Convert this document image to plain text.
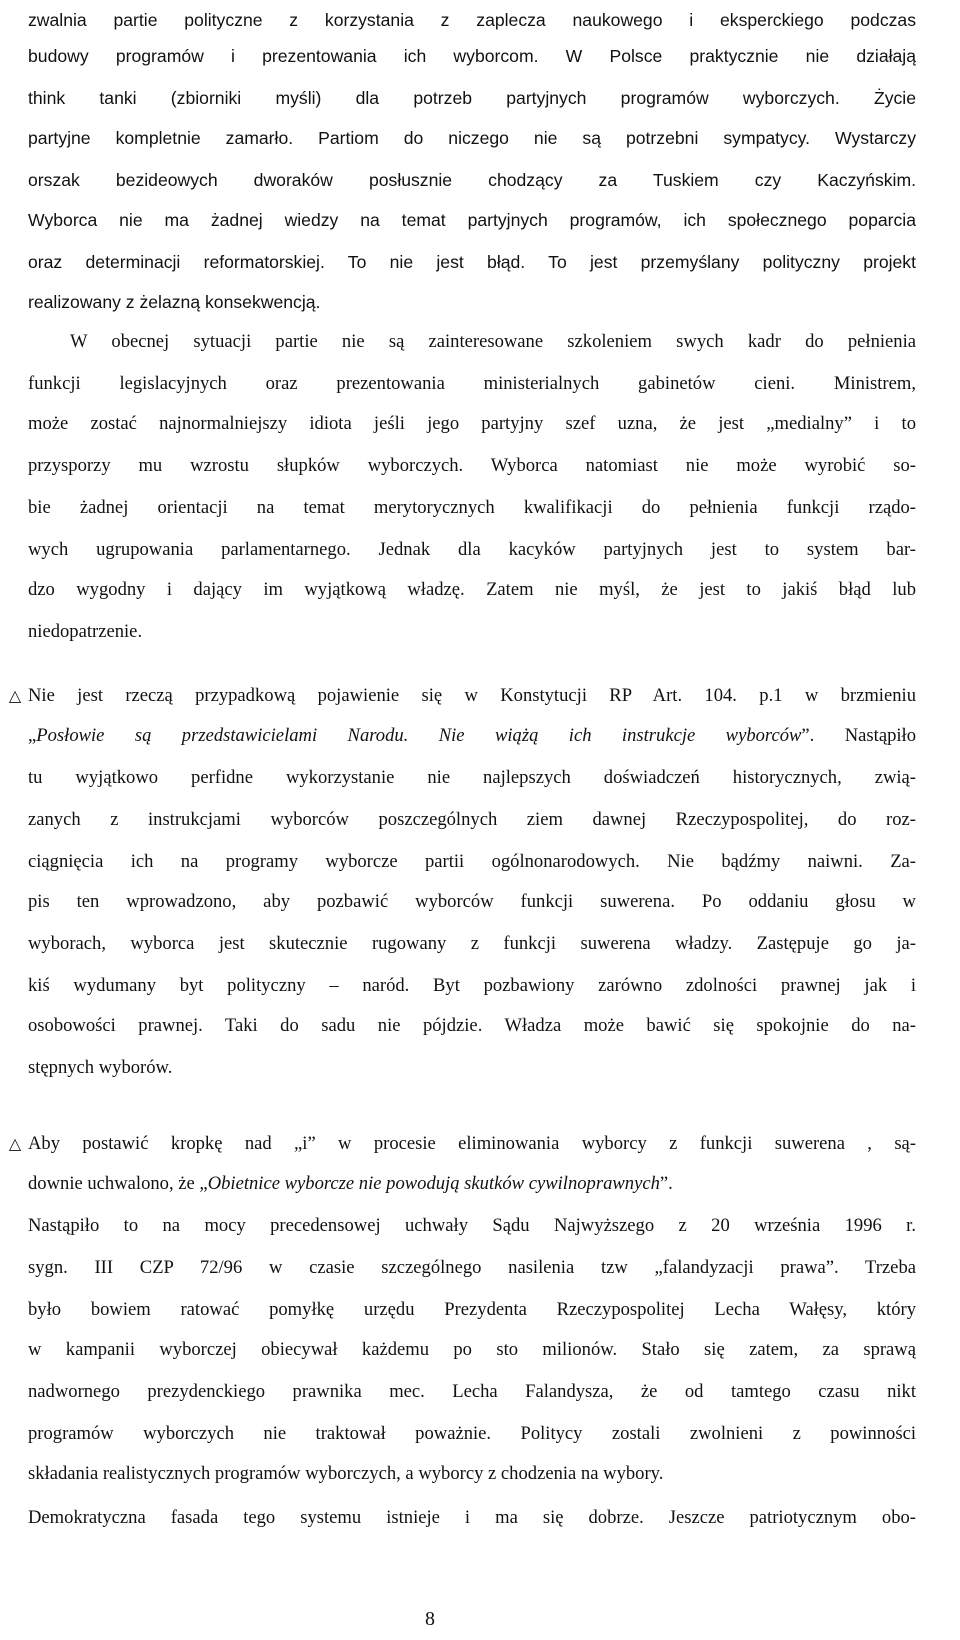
zwalnia partie polityczne z korzystania z zaplecza naukowego i eksperckiego podczas
budowy programów i prezentowania ich wyborcom. W Polsce praktycznie nie działają
think tanki (zbiorniki myśli) dla potrzeb partyjnych programów wyborczych. Życie
partyjne kompletnie zamarło. Partiom do niczego nie są potrzebni sympatycy. Wystarczy
orszak bezideowych dworaków posłusznie chodzący za Tuskiem czy Kaczyńskim.
Wyborca nie ma żadnej wiedzy na temat partyjnych programów, ich społecznego poparcia
oraz determinacji reformatorskiej. To nie jest błąd. To jest przemyślany polityczny projekt
realizowany z żelazną konsekwencją.
W obecnej sytuacji partie nie są zainteresowane szkoleniem swych kadr do pełnienia
funkcji legislacyjnych oraz prezentowania ministerialnych gabinetów cieni. Ministrem,
może zostać najnormalniejszy idiota jeśli jego partyjny szef uzna, że jest „medialny” i to
przysporzy mu wzrostu słupków wyborczych. Wyborca natomiast nie może wyrobić so-
bie żadnej orientacji na temat merytorycznych kwalifikacji do pełnienia funkcji rządo-
wych ugrupowania parlamentarnego. Jednak dla kacyków partyjnych jest to system bar-
dzo wygodny i dający im wyjątkową władzę. Zatem nie myśl, że jest to jakiś błąd lub
niedopatrzenie.
Nie jest rzeczą przypadkową pojawienie się w Konstytucji RP Art. 104. p.1 w brzmieniu
„Posłowie są przedstawicielami Narodu. Nie wiążą ich instrukcje wyborców”. Nastąpiło
tu wyjątkowo perfidne wykorzystanie nie najlepszych doświadczeń historycznych, zwią-
zanych z instrukcjami wyborców poszczególnych ziem dawnej Rzeczypospolitej, do roz-
ciągnięcia ich na programy wyborcze partii ogólnonarodowych. Nie bądźmy naiwni. Za-
pis ten wprowadzono, aby pozbawić wyborców funkcji suwerena. Po oddaniu głosu w
wyborach, wyborca jest skutecznie rugowany z funkcji suwerena władzy. Zastępuje go ja-
kiś wydumany byt polityczny – naród. Byt pozbawiony zarówno zdolności prawnej jak i
osobowości prawnej. Taki do sadu nie pójdzie. Władza może bawić się spokojnie do na-
stępnych wyborów.
Aby postawić kropkę nad „i” w procesie eliminowania wyborcy z funkcji suwerena , są-
downie uchwalono, że „Obietnice wyborcze nie powodują skutków cywilnoprawnych”.
Nastąpiło to na mocy precedensowej uchwały Sądu Najwyższego z 20 września 1996 r.
sygn. III CZP 72/96 w czasie szczególnego nasilenia tzw „falandyzacji prawa”. Trzeba
było bowiem ratować pomyłkę urzędu Prezydenta Rzeczypospolitej Lecha Wałęsy, który
w kampanii wyborczej obiecywał każdemu po sto milionów. Stało się zatem, za sprawą
nadwornego prezydenckiego prawnika mec. Lecha Falandysza, że od tamtego czasu nikt
programów wyborczych nie traktował poważnie. Politycy zostali zwolnieni z powinności
składania realistycznych programów wyborczych, a wyborcy z chodzenia na wybory.
Demokratyczna fasada tego systemu istnieje i ma się dobrze. Jeszcze patriotycznym obo-
△
△
8
